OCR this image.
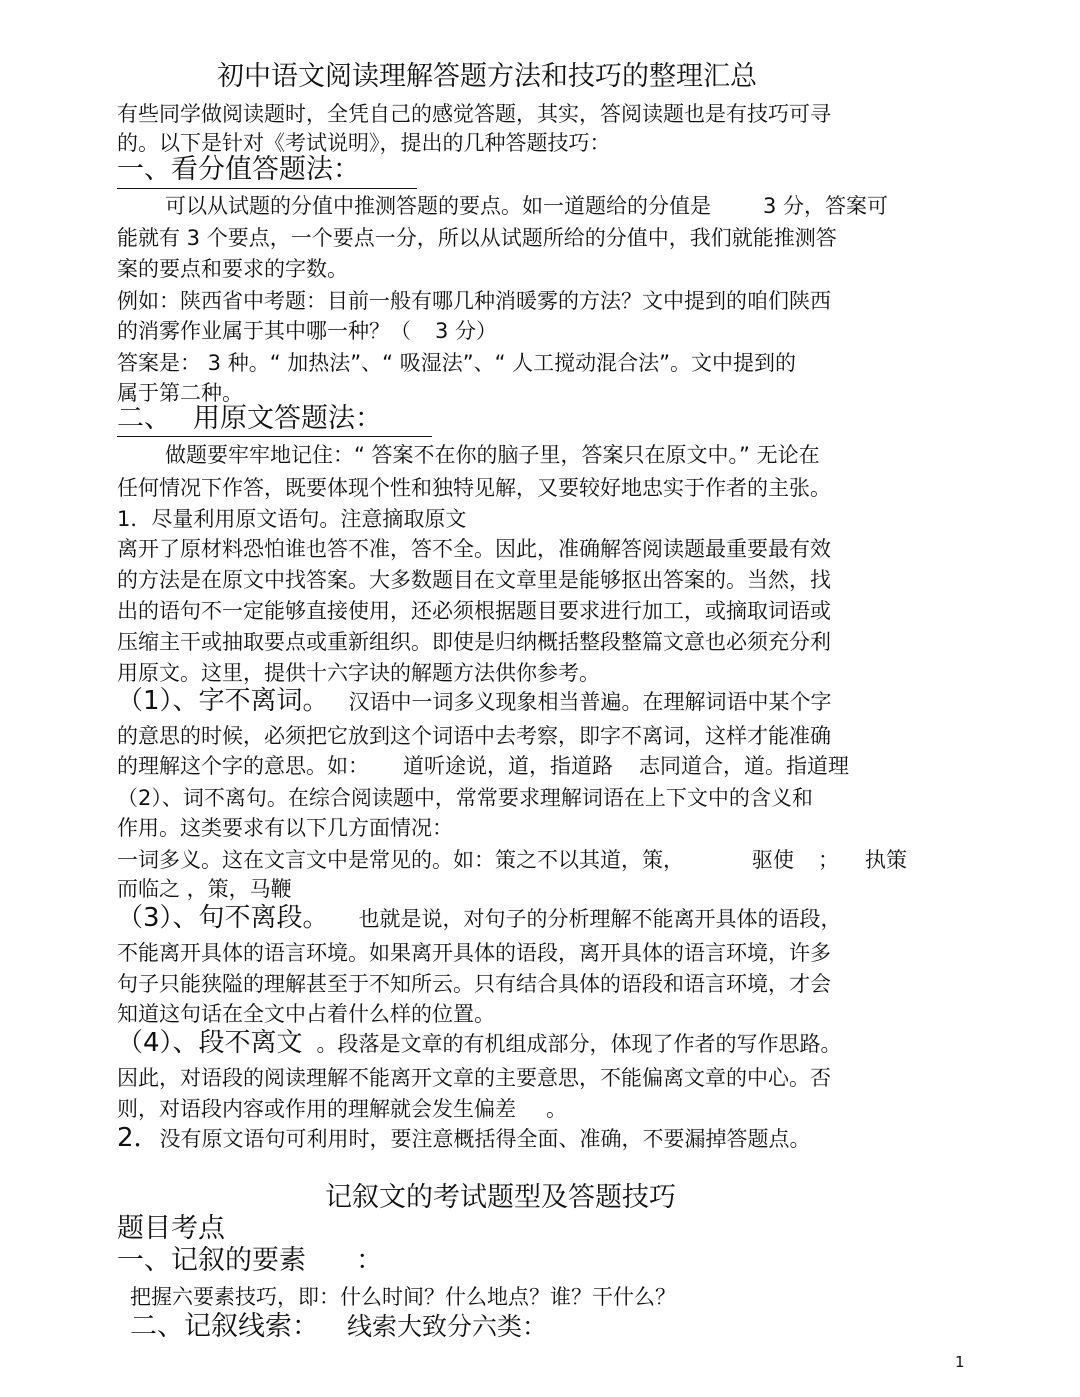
初中语文阅读理解答题方法和技巧的整理汇总
有些同学做阅读题时，全凭自己的感觉答题，其实，答阅读题也是有技巧可寻
的。以下是针对《考试说明》，提出的几种答题技巧：
一、看分值答题法：
可以从试题的分值中推测答题的要点。如一道题给的分值是 3 分，答案可
能就有 3 个要点，一个要点一分，所以从试题所给的分值中，我们就能推测答
案的要点和要求的字数。
例如：陕西省中考题：目前一般有哪几种消暖雾的方法？文中提到的咱们陕西
的消雾作业属于其中哪一种？（ 3 分）
答案是： 3 种。“ 加热法”、“ 吸湿法”、“ 人工搅动混合法”。文中提到的
属于第二种。
二、 用原文答题法：
做题要牢牢地记住：“ 答案不在你的脑子里，答案只在原文中。” 无论在
任何情况下作答，既要体现个性和独特见解，又要较好地忠实于作者的主张。
1．尽量利用原文语句。注意摘取原文
离开了原材料恐怕谁也答不准，答不全。因此，准确解答阅读题最重要最有效
的方法是在原文中找答案。大多数题目在文章里是能够抠出答案的。当然，找
出的语句不一定能够直接使用，还必须根据题目要求进行加工，或摘取词语或
压缩主干或抽取要点或重新组织。即使是归纳概括整段整篇文意也必须充分利
用原文。这里，提供十六字诀的解题方法供你参考。
（1）、字不离词。 汉语中一词多义现象相当普遍。在理解词语中某个字
的意思的时候，必须把它放到这个词语中去考察，即字不离词，这样才能准确
的理解这个字的意思。如： 道听途说，道，指道路 志同道合，道。指道理
（2）、词不离句。在综合阅读题中，常常要求理解词语在上下文中的含义和
作用。这类要求有以下几方面情况：
一词多义。这在文言文中是常见的。如：策之不以其道，策，	驱使 ； 执策
而临之 ，策，马鞭
（3）、句不离段。 也就是说，对句子的分析理解不能离开具体的语段，
不能离开具体的语言环境。如果离开具体的语段，离开具体的语言环境，许多
句子只能狭隘的理解甚至于不知所云。只有结合具体的语段和语言环境，才会
知道这句话在全文中占着什么样的位置。
（4）、段不离文 。段落是文章的有机组成部分，体现了作者的写作思路。
因此，对语段的阅读理解不能离开文章的主要意思，不能偏离文章的中心。否
则，对语段内容或作用的理解就会发生偏差 。
2．没有原文语句可利用时，要注意概括得全面、准确，不要漏掉答题点。
记叙文的考试题型及答题技巧
题目考点
一、记叙的要素 ：
把握六要素技巧，即：什么时间？什么地点？谁？干什么？
二、记叙线索： 线索大致分六类：
1
